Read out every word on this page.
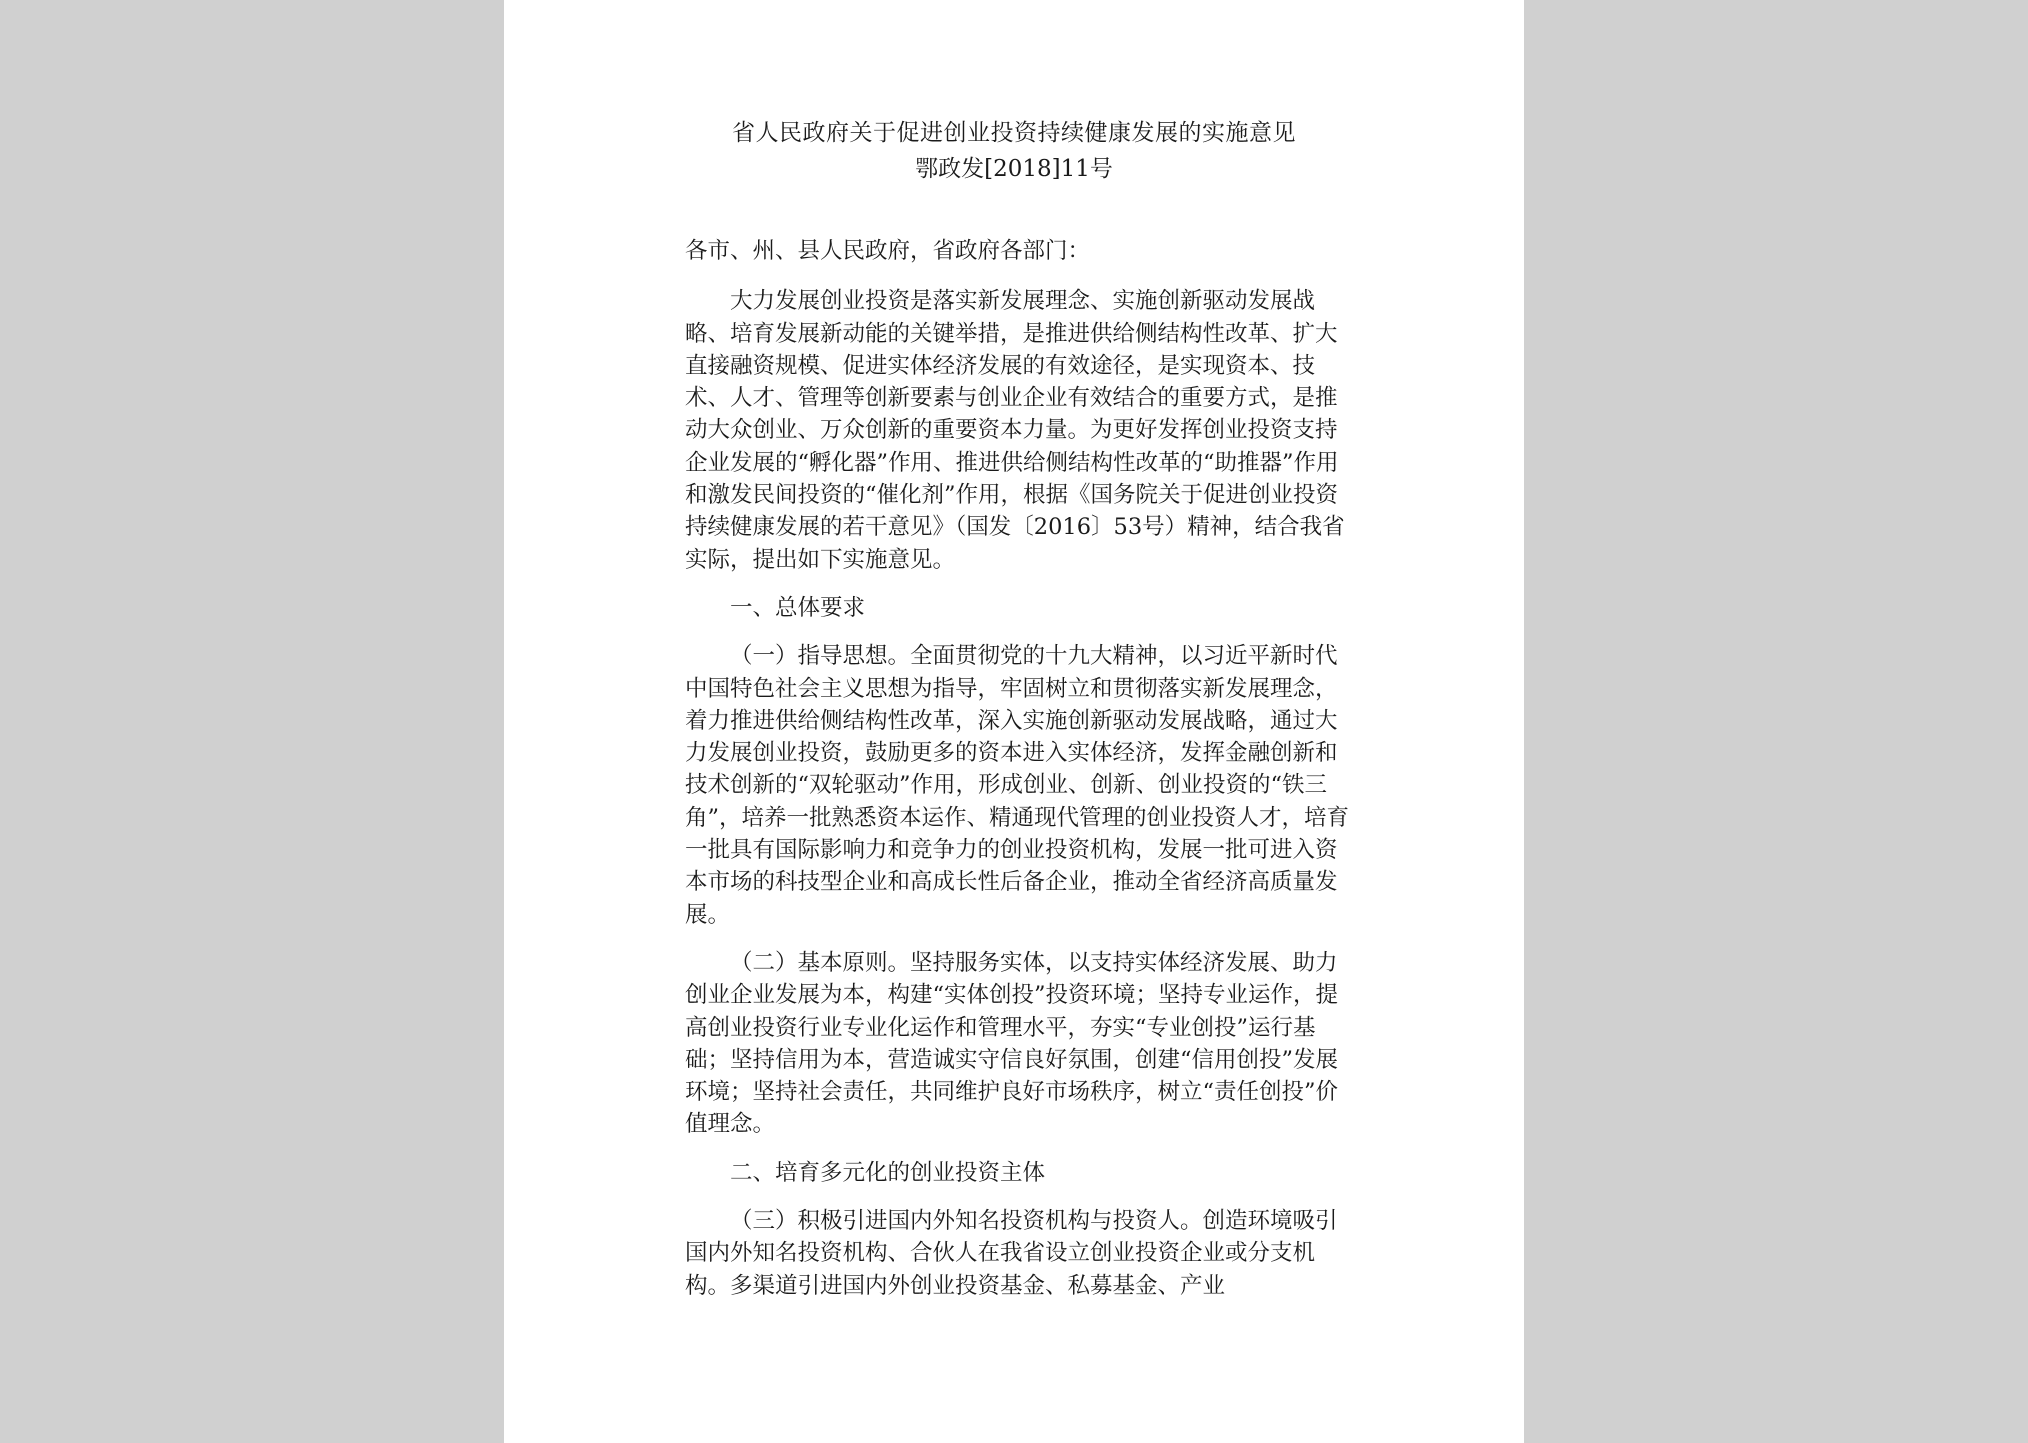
省人民政府关于促进创业投资持续健康发展的实施意见
鄂政发[2018]11号

各市、州、县人民政府，省政府各部门：

大力发展创业投资是落实新发展理念、实施创新驱动发展战略、培育发展新动能的关键举措，是推进供给侧结构性改革、扩大直接融资规模、促进实体经济发展的有效途径，是实现资本、技术、人才、管理等创新要素与创业企业有效结合的重要方式，是推动大众创业、万众创新的重要资本力量。为更好发挥创业投资支持企业发展的“孵化器”作用、推进供给侧结构性改革的“助推器”作用和激发民间投资的“催化剂”作用，根据《国务院关于促进创业投资持续健康发展的若干意见》（国发〔2016〕53号）精神，结合我省实际，提出如下实施意见。

一、总体要求

（一）指导思想。全面贯彻党的十九大精神，以习近平新时代中国特色社会主义思想为指导，牢固树立和贯彻落实新发展理念，着力推进供给侧结构性改革，深入实施创新驱动发展战略，通过大力发展创业投资，鼓励更多的资本进入实体经济，发挥金融创新和技术创新的“双轮驱动”作用，形成创业、创新、创业投资的“铁三角”，培养一批熟悉资本运作、精通现代管理的创业投资人才，培育一批具有国际影响力和竞争力的创业投资机构，发展一批可进入资本市场的科技型企业和高成长性后备企业，推动全省经济高质量发展。

（二）基本原则。坚持服务实体，以支持实体经济发展、助力创业企业发展为本，构建“实体创投”投资环境；坚持专业运作，提高创业投资行业专业化运作和管理水平，夯实“专业创投”运行基础；坚持信用为本，营造诚实守信良好氛围，创建“信用创投”发展环境；坚持社会责任，共同维护良好市场秩序，树立“责任创投”价值理念。

二、培育多元化的创业投资主体

（三）积极引进国内外知名投资机构与投资人。创造环境吸引国内外知名投资机构、合伙人在我省设立创业投资企业或分支机构。多渠道引进国内外创业投资基金、私募基金、产业
